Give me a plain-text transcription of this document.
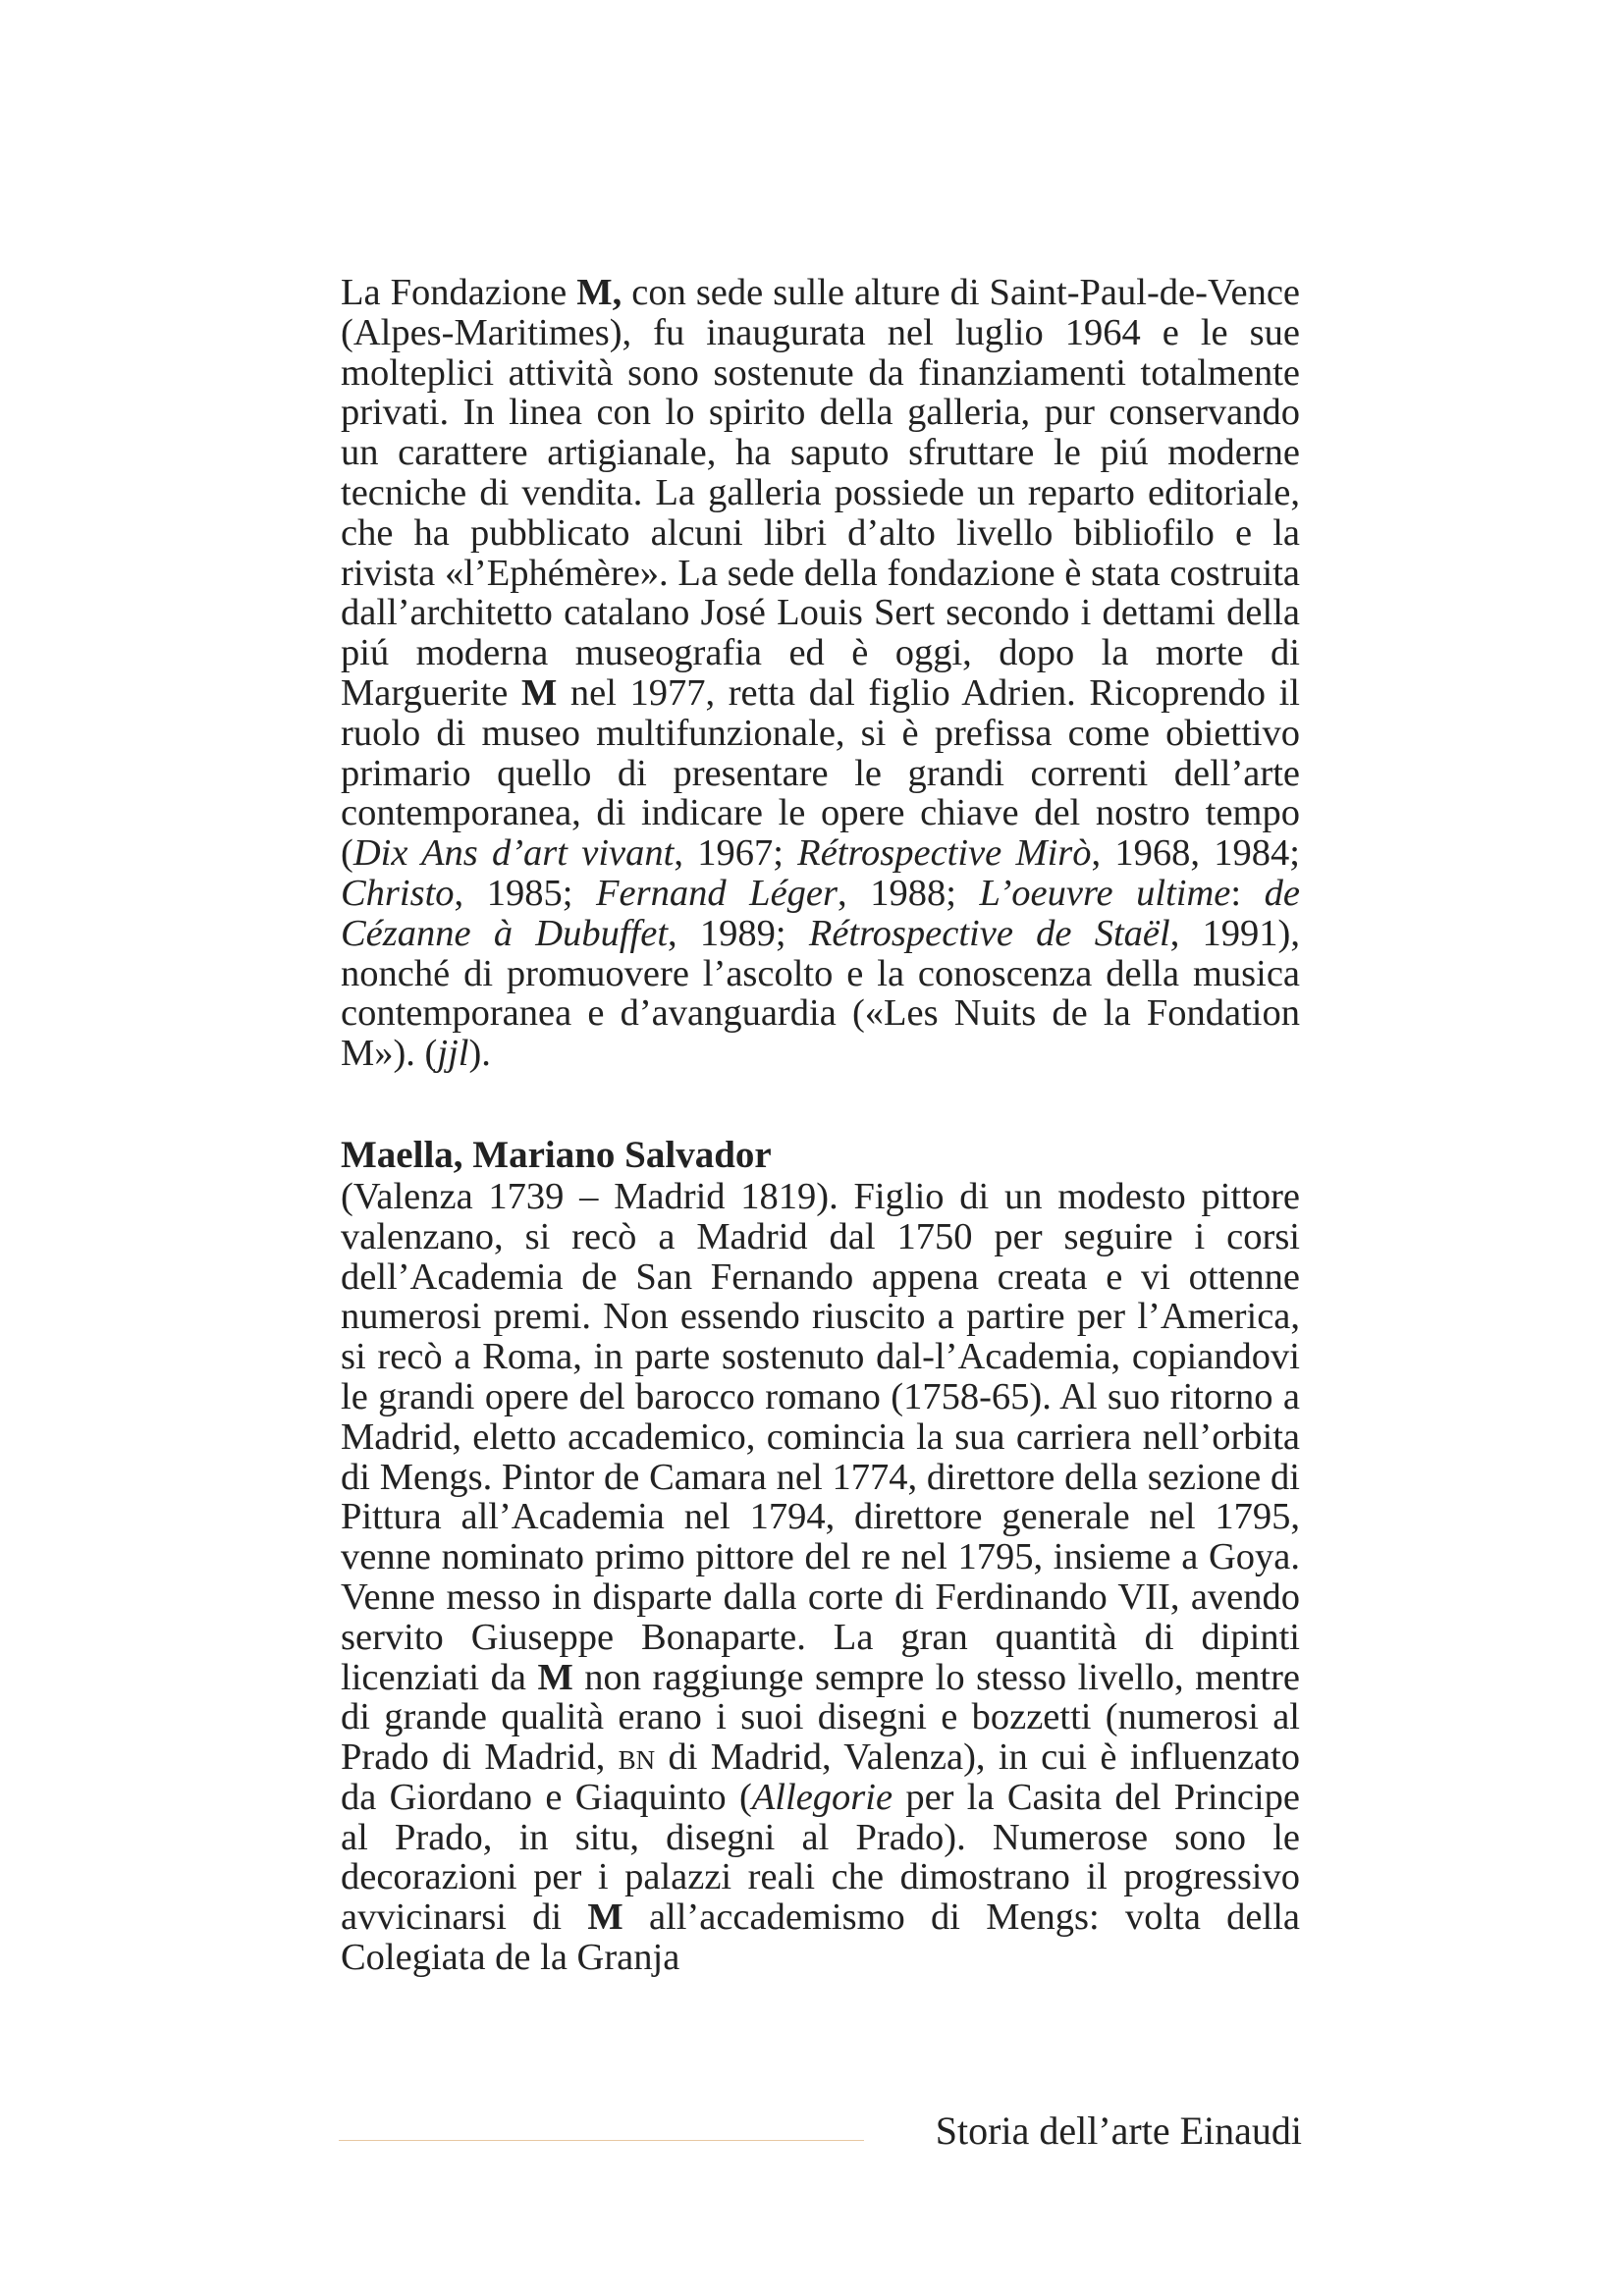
La Fondazione M, con sede sulle alture di Saint-Paul-de-Vence (Alpes-Maritimes), fu inaugurata nel luglio 1964 e le sue molteplici attività sono sostenute da finanziamenti totalmente privati. In linea con lo spirito della galleria, pur conservando un carattere artigianale, ha saputo sfruttare le piú moderne tecniche di vendita. La galleria possiede un reparto editoriale, che ha pubblicato alcuni libri d’alto livello bibliofilo e la rivista «l’Ephémère». La sede della fondazione è stata costruita dall’architetto catalano José Louis Sert secondo i dettami della piú moderna museografia ed è oggi, dopo la morte di Marguerite M nel 1977, retta dal figlio Adrien. Ricoprendo il ruolo di museo multifunzionale, si è prefissa come obiettivo primario quello di presentare le grandi correnti dell’arte contemporanea, di indicare le opere chiave del nostro tempo (Dix Ans d’art vivant, 1967; Rétrospective Mirò, 1968, 1984; Christo, 1985; Fernand Léger, 1988; L’oeuvre ultime: de Cézanne à Dubuffet, 1989; Rétrospective de Staël, 1991), nonché di promuovere l’ascolto e la conoscenza della musica contemporanea e d’avanguardia («Les Nuits de la Fondation M»). (jjl).

Maella, Mariano Salvador

(Valenza 1739 – Madrid 1819). Figlio di un modesto pittore valenzano, si recò a Madrid dal 1750 per seguire i corsi dell’Academia de San Fernando appena creata e vi ottenne numerosi premi. Non essendo riuscito a partire per l’America, si recò a Roma, in parte sostenuto dal-l’Academia, copiandovi le grandi opere del barocco romano (1758-65). Al suo ritorno a Madrid, eletto accademico, comincia la sua carriera nell’orbita di Mengs. Pintor de Camara nel 1774, direttore della sezione di Pittura all’Academia nel 1794, direttore generale nel 1795, venne nominato primo pittore del re nel 1795, insieme a Goya. Venne messo in disparte dalla corte di Ferdinando VII, avendo servito Giuseppe Bonaparte. La gran quantità di dipinti licenziati da M non raggiunge sempre lo stesso livello, mentre di grande qualità erano i suoi disegni e bozzetti (numerosi al Prado di Madrid, bn di Madrid, Valenza), in cui è influenzato da Giordano e Giaquinto (Allegorie per la Casita del Principe al Prado, in situ, disegni al Prado). Numerose sono le decorazioni per i palazzi reali che dimostrano il progressivo avvicinarsi di M all’accademismo di Mengs: volta della Colegiata de la Granja

Storia dell’arte Einaudi
